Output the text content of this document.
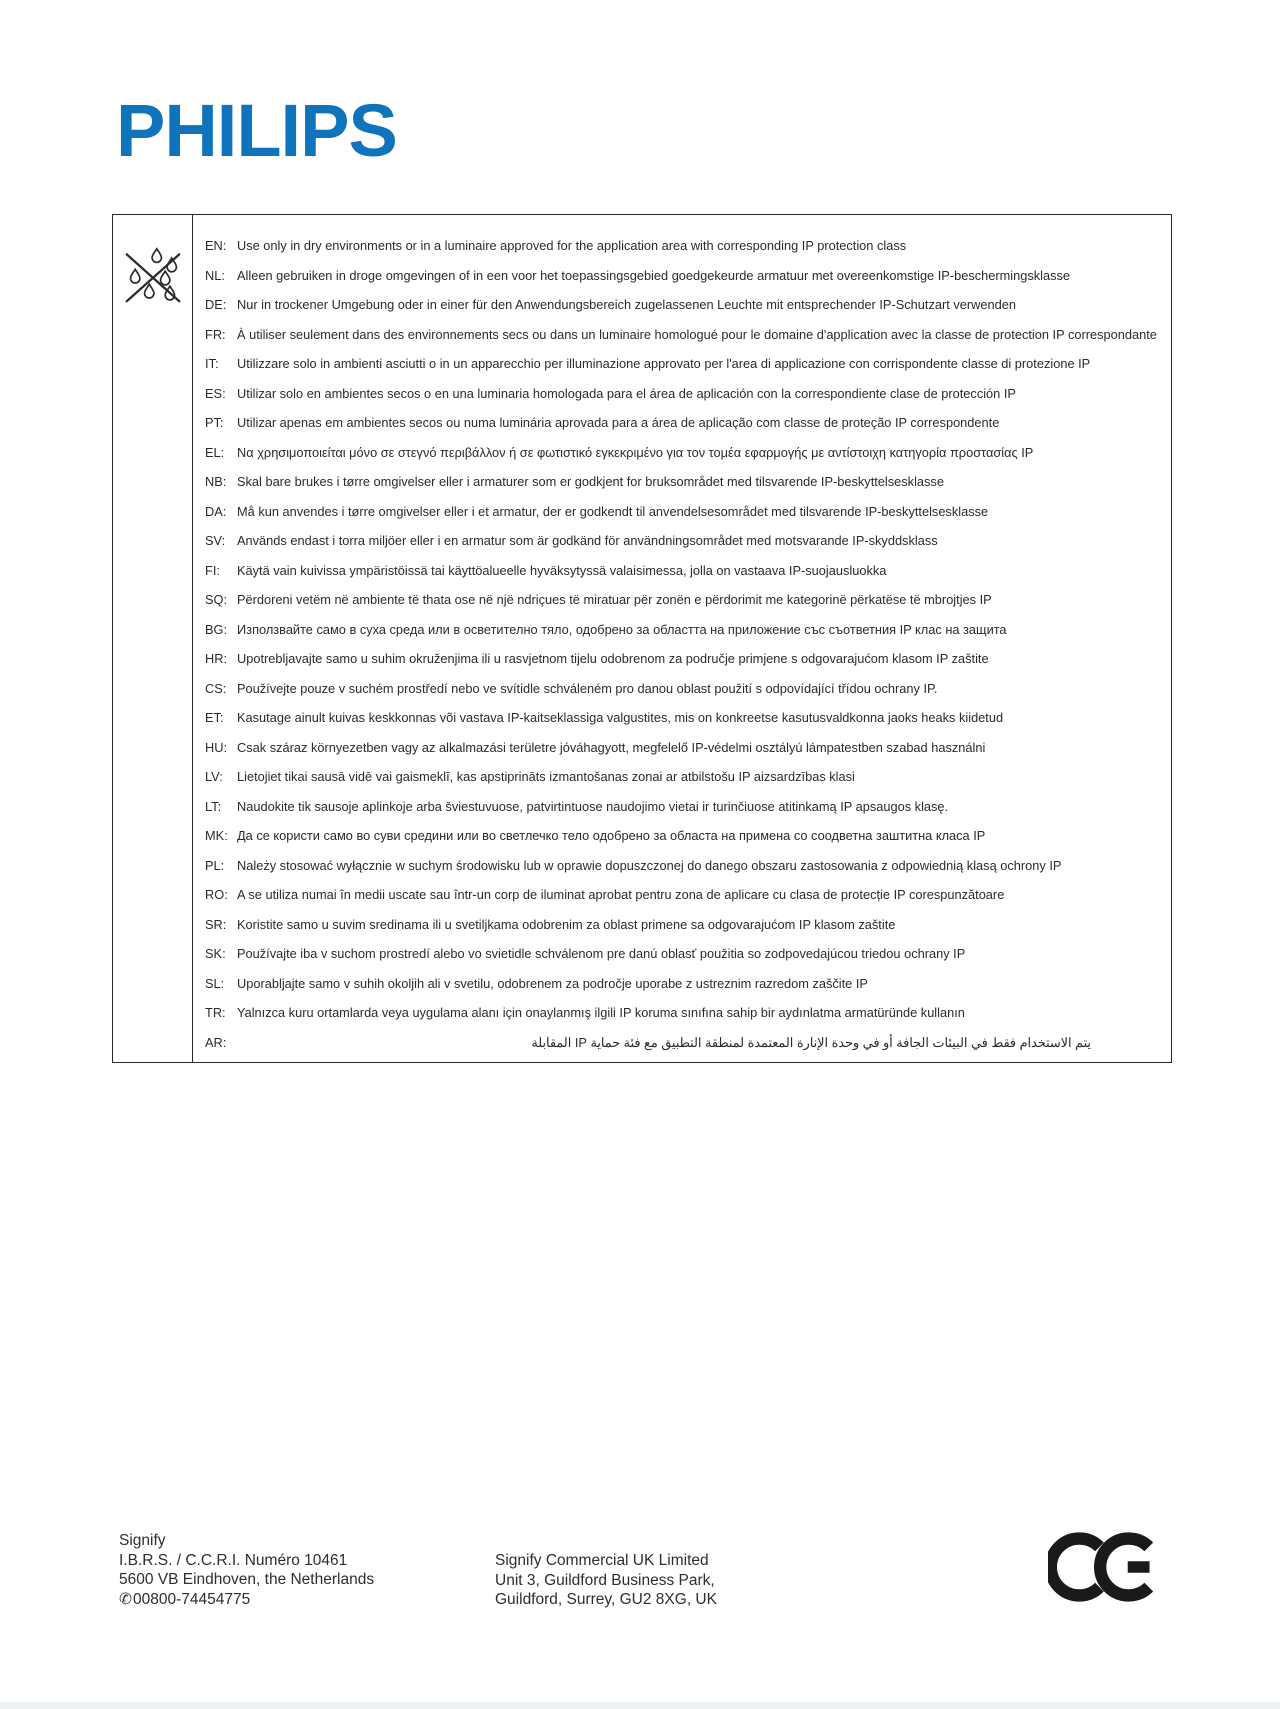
PHILIPS
EN: Use only in dry environments or in a luminaire approved for the application area with corresponding IP protection class
NL: Alleen gebruiken in droge omgevingen of in een voor het toepassingsgebied goedgekeurde armatuur met overeenkomstige IP-beschermingsklasse
DE: Nur in trockener Umgebung oder in einer für den Anwendungsbereich zugelassenen Leuchte mit entsprechender IP-Schutzart verwenden
FR: À utiliser seulement dans des environnements secs ou dans un luminaire homologué pour le domaine d'application avec la classe de protection IP correspondante
IT:	Utilizzare solo in ambienti asciutti o in un apparecchio per illuminazione approvato per l'area di applicazione con corrispondente classe di protezione IP
ES: Utilizar solo en ambientes secos o en una luminaria homologada para el área de aplicación con la correspondiente clase de protección IP
PT:	Utilizar apenas em ambientes secos ou numa luminária aprovada para a área de aplicação com classe de proteção IP correspondente
EL: Να χρησιμοποιείται μόνο σε στεγνό περιβάλλον ή σε φωτιστικό εγκεκριμένο για τον τομέα εφαρμογής με αντίστοιχη κατηγορία προστασίας IP
NB: Skal bare brukes i tørre omgivelser eller i armaturer som er godkjent for bruksområdet med tilsvarende IP-beskyttelsesklasse
DA: Må kun anvendes i tørre omgivelser eller i et armatur, der er godkendt til anvendelsesområdet med tilsvarende IP-beskyttelsesklasse
SV: Används endast i torra miljöer eller i en armatur som är godkänd för användningsområdet med motsvarande IP-skyddsklass
FI:	Käytä vain kuivissa ympäristöissä tai käyttöalueelle hyväksytyssä valaisimessa, jolla on vastaava IP-suojausluokka
SQ: Përdoreni vetëm në ambiente të thata ose në një ndriçues të miratuar për zonën e përdorimit me kategorinë përkatëse të mbrojtjes IP
BG: Използвайте само в суха среда или в осветително тяло, одобрено за областта на приложение със съответния IP клас на защита
HR: Upotrebljavajte samo u suhim okruženjima ili u rasvjetnom tijelu odobrenom za područje primjene s odgovarajućom klasom IP zaštite
CS: Používejte pouze v suchém prostředí nebo ve svítidle schváleném pro danou oblast použití s odpovídající třídou ochrany IP.
ET:	Kasutage ainult kuivas keskkonnas või vastava IP-kaitseklassiga valgustites, mis on konkreetse kasutusvaldkonna jaoks heaks kiidetud
HU: Csak száraz környezetben vagy az alkalmazási területre jóváhagyott, megfelelő IP-védelmi osztályú lámpatestben szabad használni
LV:	Lietojiet tikai sausā vidē vai gaismeklī, kas apstiprināts izmantošanas zonai ar atbilstošu IP aizsardzības klasi
LT:	Naudokite tik sausoje aplinkoje arba šviestuvuose, patvirtintuose naudojimo vietai ir turinčiuose atitinkamą IP apsaugos klasę.
MK: Да се користи само во суви средини или во светлечко тело одобрено за областа на примена со соодветна заштитна класа IP
PL: Należy stosować wyłącznie w suchym środowisku lub w oprawie dopuszczonej do danego obszaru zastosowania z odpowiednią klasą ochrony IP
RO: A se utiliza numai în medii uscate sau într-un corp de iluminat aprobat pentru zona de aplicare cu clasa de protecție IP corespunzătoare
SR: Koristite samo u suvim sredinama ili u svetiljkama odobrenim za oblast primene sa odgovarajućom IP klasom zaštite
SK: Používajte iba v suchom prostredí alebo vo svietidle schválenom pre danú oblasť použitia so zodpovedajúcou triedou ochrany IP
SL: Uporabljajte samo v suhih okoljih ali v svetilu, odobrenem za področje uporabe z ustreznim razredom zaščite IP
TR: Yalnızca kuru ortamlarda veya uygulama alanı için onaylanmış ilgili IP koruma sınıfına sahip bir aydınlatma armatüründe kullanın
AR:	يتم الاستخدام فقط في البيئات الجافة أو في وحدة الإنارة المعتمدة لمنطقة التطبيق مع فئة حماية IP المقابلة
Signify
I.B.R.S. / C.C.R.I. Numéro 10461
5600 VB Eindhoven, the Netherlands
✆ 00800-74454775
Signify Commercial UK Limited
Unit 3, Guildford Business Park,
Guildford, Surrey, GU2 8XG, UK
